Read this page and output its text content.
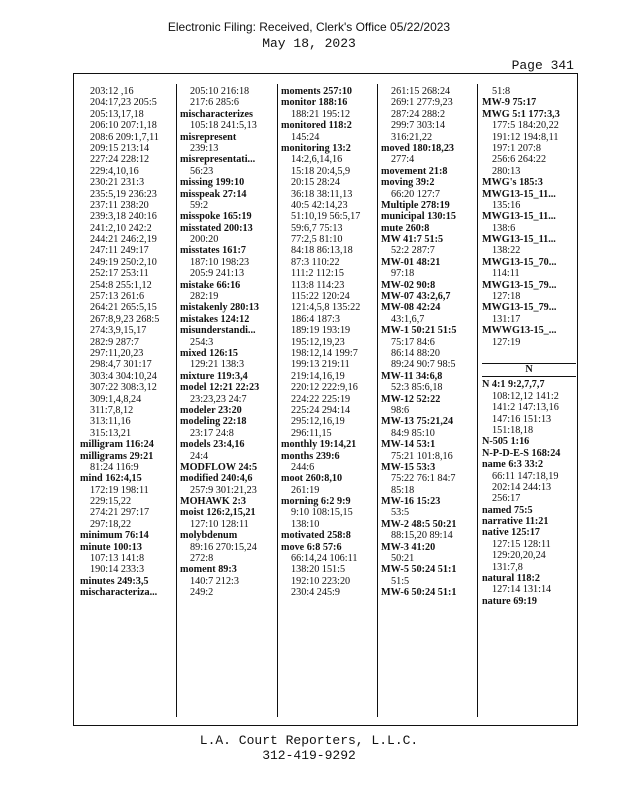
Electronic Filing: Received, Clerk's Office 05/22/2023
May 18, 2023
Page 341
203:12 ,16
204:17,23 205:5
205:13,17,18
206:10 207:1,18
208:6 209:1,7,11
209:15 213:14
227:24 228:12
229:4,10,16
230:21 231:3
235:5,19 236:23
237:11 238:20
239:3,18 240:16
241:2,10 242:2
244:21 246:2,19
247:11 249:17
249:19 250:2,10
252:17 253:11
254:8 255:1,12
257:13 261:6
264:21 265:5,15
267:8,9,23 268:5
274:3,9,15,17
282:9 287:7
297:11,20,23
298:4,7 301:17
303:4 304:10,24
307:22 308:3,12
309:1,4,8,24
311:7,8,12
313:11,16
315:13,21
milligram 116:24
milligrams 29:21
81:24 116:9
mind 162:4,15
172:19 198:11
229:15,22
274:21 297:17
297:18,22
minimum 76:14
minute 100:13
107:13 141:8
190:14 233:3
minutes 249:3,5
mischaracteriza...
205:10 216:18
217:6 285:6
mischaracterizes
105:18 241:5,13
misrepresent
239:13
misrepresentati...
56:23
missing 199:10
misspeak 27:14
59:2
misspoke 165:19
misstated 200:13
200:20
misstates 161:7
187:10 198:23
205:9 241:13
mistake 66:16
282:19
mistakenly 280:13
mistakes 124:12
misunderstandi...
254:3
mixed 126:15
129:21 138:3
mixture 119:3,4
model 12:21 22:23
23:23,23 24:7
modeler 23:20
modeling 22:18
23:17 24:8
models 23:4,16
24:4
MODFLOW 24:5
modified 240:4,6
257:9 301:21,23
MOHAWK 2:3
moist 126:2,15,21
127:10 128:11
molybdenum
89:16 270:15,24
272:8
moment 89:3
140:7 212:3
249:2
moments 257:10
monitor 188:16
188:21 195:12
monitored 118:2
145:24
monitoring 13:2
14:2,6,14,16
15:18 20:4,5,9
20:15 28:24
36:18 38:11,13
40:5 42:14,23
51:10,19 56:5,17
59:6,7 75:13
77:2,5 81:10
84:18 86:13,18
87:3 110:22
111:2 112:15
113:8 114:23
115:22 120:24
121:4,5,8 135:22
186:4 187:3
189:19 193:19
195:12,19,23
198:12,14 199:7
199:13 219:11
219:14,16,19
220:12 222:9,16
224:22 225:19
225:24 294:14
295:12,16,19
296:11,15
monthly 19:14,21
months 239:6
244:6
moot 260:8,10
261:19
morning 6:2 9:9
9:10 108:15,15
138:10
motivated 258:8
move 6:8 57:6
66:14,24 106:11
138:20 151:5
192:10 223:20
230:4 245:9
261:15 268:24
269:1 277:9,23
287:24 288:2
299:7 303:14
316:21,22
moved 180:18,23
277:4
movement 21:8
moving 39:2
66:20 127:7
Multiple 278:19
municipal 130:15
mute 260:8
MW 41:7 51:5
52:2 287:7
MW-01 48:21
97:18
MW-02 90:8
MW-07 43:2,6,7
MW-08 42:24
43:1,6,7
MW-1 50:21 51:5
75:17 84:6
86:14 88:20
89:24 90:7 98:5
MW-11 34:6,8
52:3 85:6,18
MW-12 52:22
98:6
MW-13 75:21,24
84:9 85:10
MW-14 53:1
75:21 101:8,16
MW-15 53:3
75:22 76:1 84:7
85:18
MW-16 15:23
53:5
MW-2 48:5 50:21
88:15,20 89:14
MW-3 41:20
50:21
MW-5 50:24 51:1
51:5
MW-6 50:24 51:1
51:8
MW-9 75:17
MWG 5:1 177:3,3
177:5 184:20,22
191:12 194:8,11
197:1 207:8
256:6 264:22
280:13
MWG's 185:3
MWG13-15_11...
135:16
MWG13-15_11...
138:6
MWG13-15_11...
138:22
MWG13-15_70...
114:11
MWG13-15_79...
127:18
MWG13-15_79...
131:17
MWWG13-15_...
127:19
N
N 4:1 9:2,7,7,7
108:12,12 141:2
141:2 147:13,16
147:16 151:13
151:18,18
N-505 1:16
N-P-D-E-S 168:24
name 6:3 33:2
66:11 147:18,19
202:14 244:13
256:17
named 75:5
narrative 11:21
native 125:17
127:15 128:11
129:20,20,24
131:7,8
natural 118:2
127:14 131:14
nature 69:19
L.A. Court Reporters, L.L.C.
312-419-9292
